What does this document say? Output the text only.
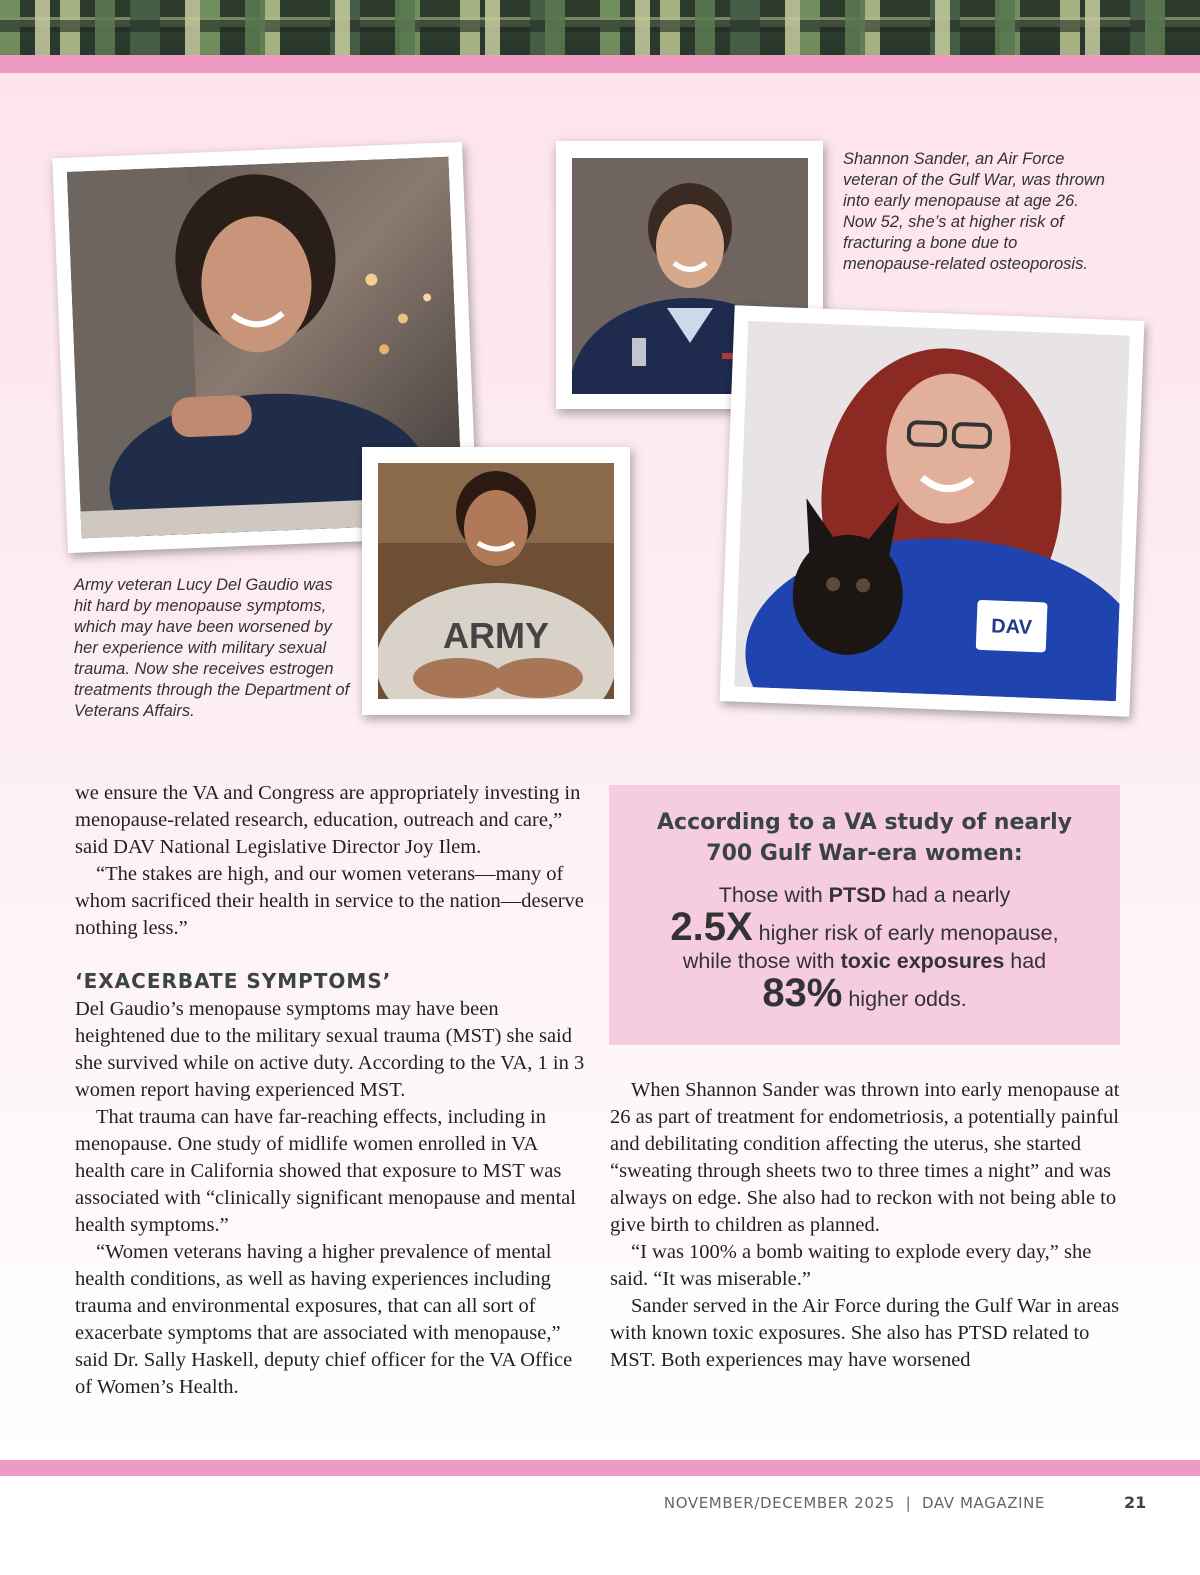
ARMY
Army veteran Lucy Del Gaudio was hit hard by menopause symptoms, which may have been worsened by her experience with military sexual trauma. Now she receives estrogen treatments through the Department of Veterans Affairs.
Shannon Sander, an Air Force veteran of the Gulf War, was thrown into early menopause at age 26. Now 52, she’s at higher risk of fracturing a bone due to menopause-related osteoporosis.
DAV

we ensure the VA and Congress are appropriately investing in menopause-related research, education, outreach and care,” said DAV National Legislative Director Joy Ilem.

“The stakes are high, and our women veterans—many of whom sacrificed their health in service to the nation—deserve nothing less.”

‘EXACERBATE SYMPTOMS’

Del Gaudio’s menopause symptoms may have been heightened due to the military sexual trauma (MST) she said she survived while on active duty. According to the VA, 1 in 3 women report having experienced MST.

That trauma can have far-reaching effects, including in menopause. One study of midlife women enrolled in VA health care in California showed that exposure to MST was associated with “clinically significant menopause and mental health symptoms.”

“Women veterans having a higher prevalence of mental health conditions, as well as having experiences including trauma and environmental exposures, that can all sort of exacerbate symptoms that are associated with menopause,” said Dr. Sally Haskell, deputy chief officer for the VA Office of Women’s Health.

According to a VA study of nearly
700 Gulf War-era women:
Those with PTSD had a nearly
2.5X higher risk of early menopause,
while those with toxic exposures had
83% higher odds.

When Shannon Sander was thrown into early menopause at 26 as part of treatment for endometriosis, a potentially painful and debilitating condition affecting the uterus, she started “sweating through sheets two to three times a night” and was always on edge. She also had to reckon with not being able to give birth to children as planned.

“I was 100% a bomb waiting to explode every day,” she said. “It was miserable.”

Sander served in the Air Force during the Gulf War in areas with known toxic exposures. She also has PTSD related to MST. Both experiences may have worsened

NOVEMBER/DECEMBER 2025  |  DAV MAGAZINE	21
